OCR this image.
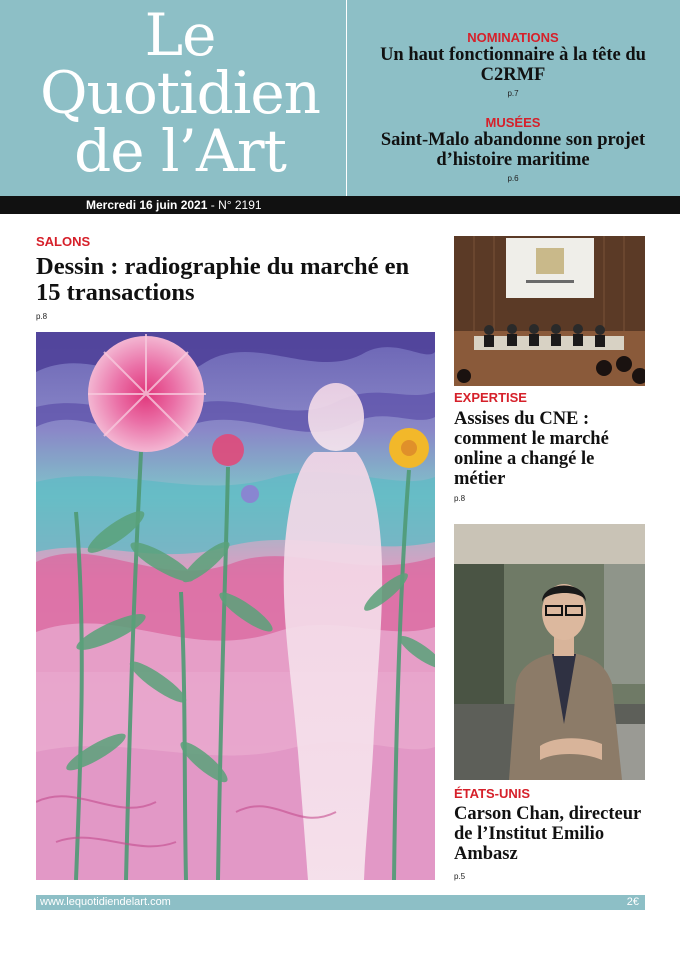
Le
Quotidien
de l’Art
NOMINATIONS
Un haut fonctionnaire à la tête du C2RMF
p.7
MUSÉES
Saint-Malo abandonne son projet d’histoire maritime
p.6
Mercredi 16 juin 2021 - N° 2191
SALONS
Dessin : radiographie du marché en 15 transactions
p.8
EXPERTISE
Assises du CNE : comment le marché online a changé le métier
p.8
ÉTATS-UNIS
Carson Chan, directeur de l’Institut Emilio Ambasz
p.5
www.lequotidiendelart.com	2€
